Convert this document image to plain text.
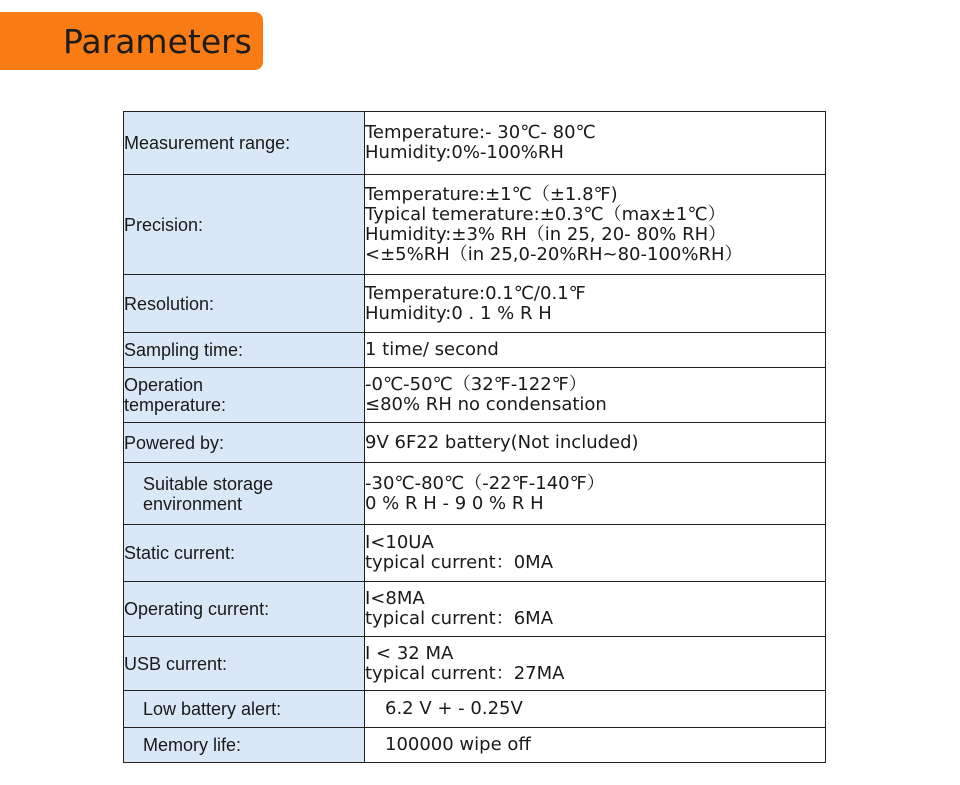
Parameters
Measurement range:	Temperature:- 30℃- 80℃
Humidity:0%-100%RH

Precision:	Temperature:±1℃（±1.8℉)
Typical temerature:±0.3℃（max±1℃）
Humidity:±3% RH（in 25, 20- 80% RH）
<±5%RH（in 25,0-20%RH~80-100%RH）

Resolution:	Temperature:0.1℃/0.1℉
Humidity:0 . 1 % R H

Sampling time:	1 time/ second

Operation
temperature:	-0℃-50℃（32℉-122℉）
≤80% RH no condensation

Powered by:	9V 6F22 battery(Not included)

Suitable storage
environment	-30℃-80℃（-22℉-140℉）
0 % R H - 9 0 % R H

Static current:	I<10UA
typical current：0MA

Operating current:	I<8MA
typical current：6MA

USB current:	I < 32 MA
typical current：27MA

Low battery alert:	6.2 V + - 0.25V

Memory life:	100000 wipe off
